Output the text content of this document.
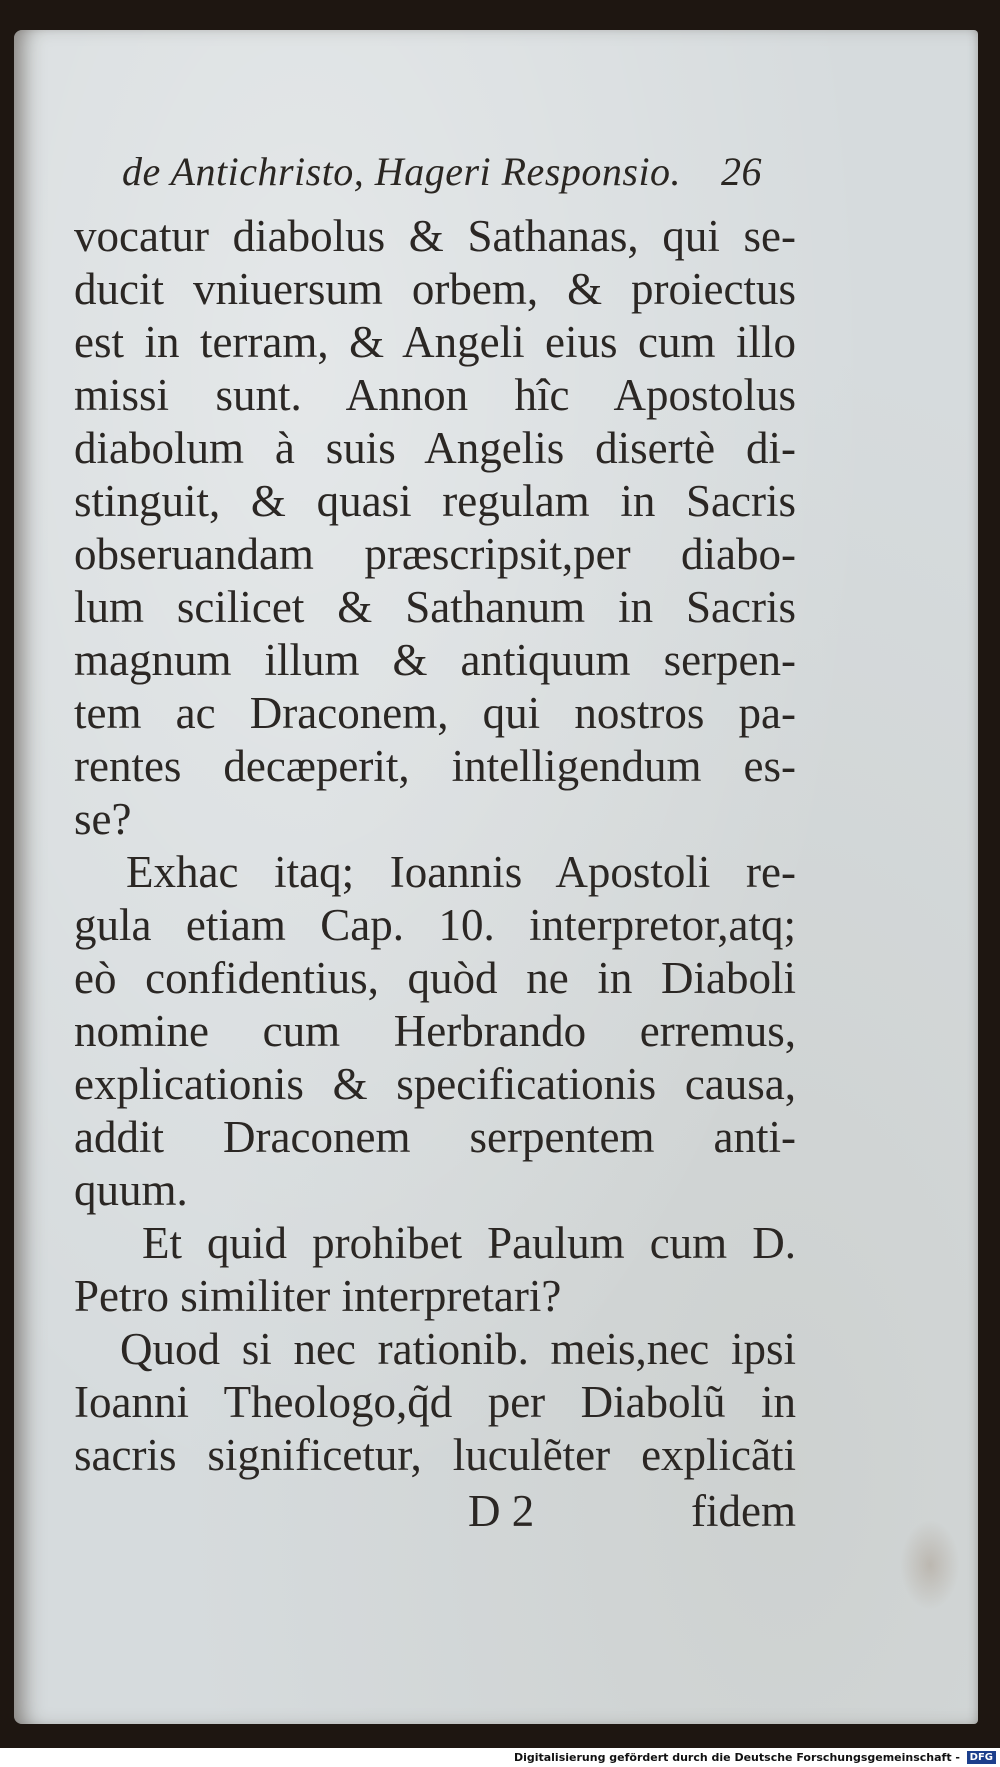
de Antichristo, Hageri Responsio. 26
vocatur diabolus & Sathanas, qui se-
ducit vniuersum orbem, & proiectus
est in terram, & Angeli eius cum illo
missi sunt. Annon hîc Apostolus
diabolum à suis Angelis disertè di-
stinguit, & quasi regulam in Sacris
obseruandam præscripsit,per diabo-
lum scilicet & Sathanum in Sacris
magnum illum & antiquum serpen-
tem ac Draconem, qui nostros pa-
rentes decæperit, intelligendum es-
se?
Exhac itaq; Ioannis Apostoli re-
gula etiam Cap. 10. interpretor,atq;
eò confidentius, quòd ne in Diaboli
nomine cum Herbrando erremus,
explicationis & specificationis causa,
addit Draconem serpentem anti-
quum.
Et quid prohibet Paulum cum D.
Petro similiter interpretari?
Quod si nec rationib. meis,nec ipsi
Ioanni Theologo,q̃d per Diabolũ in
sacris significetur, luculẽter explicãti
D 2	fidem
Digitalisierung gefördert durch die Deutsche Forschungsgemeinschaft - DFG
